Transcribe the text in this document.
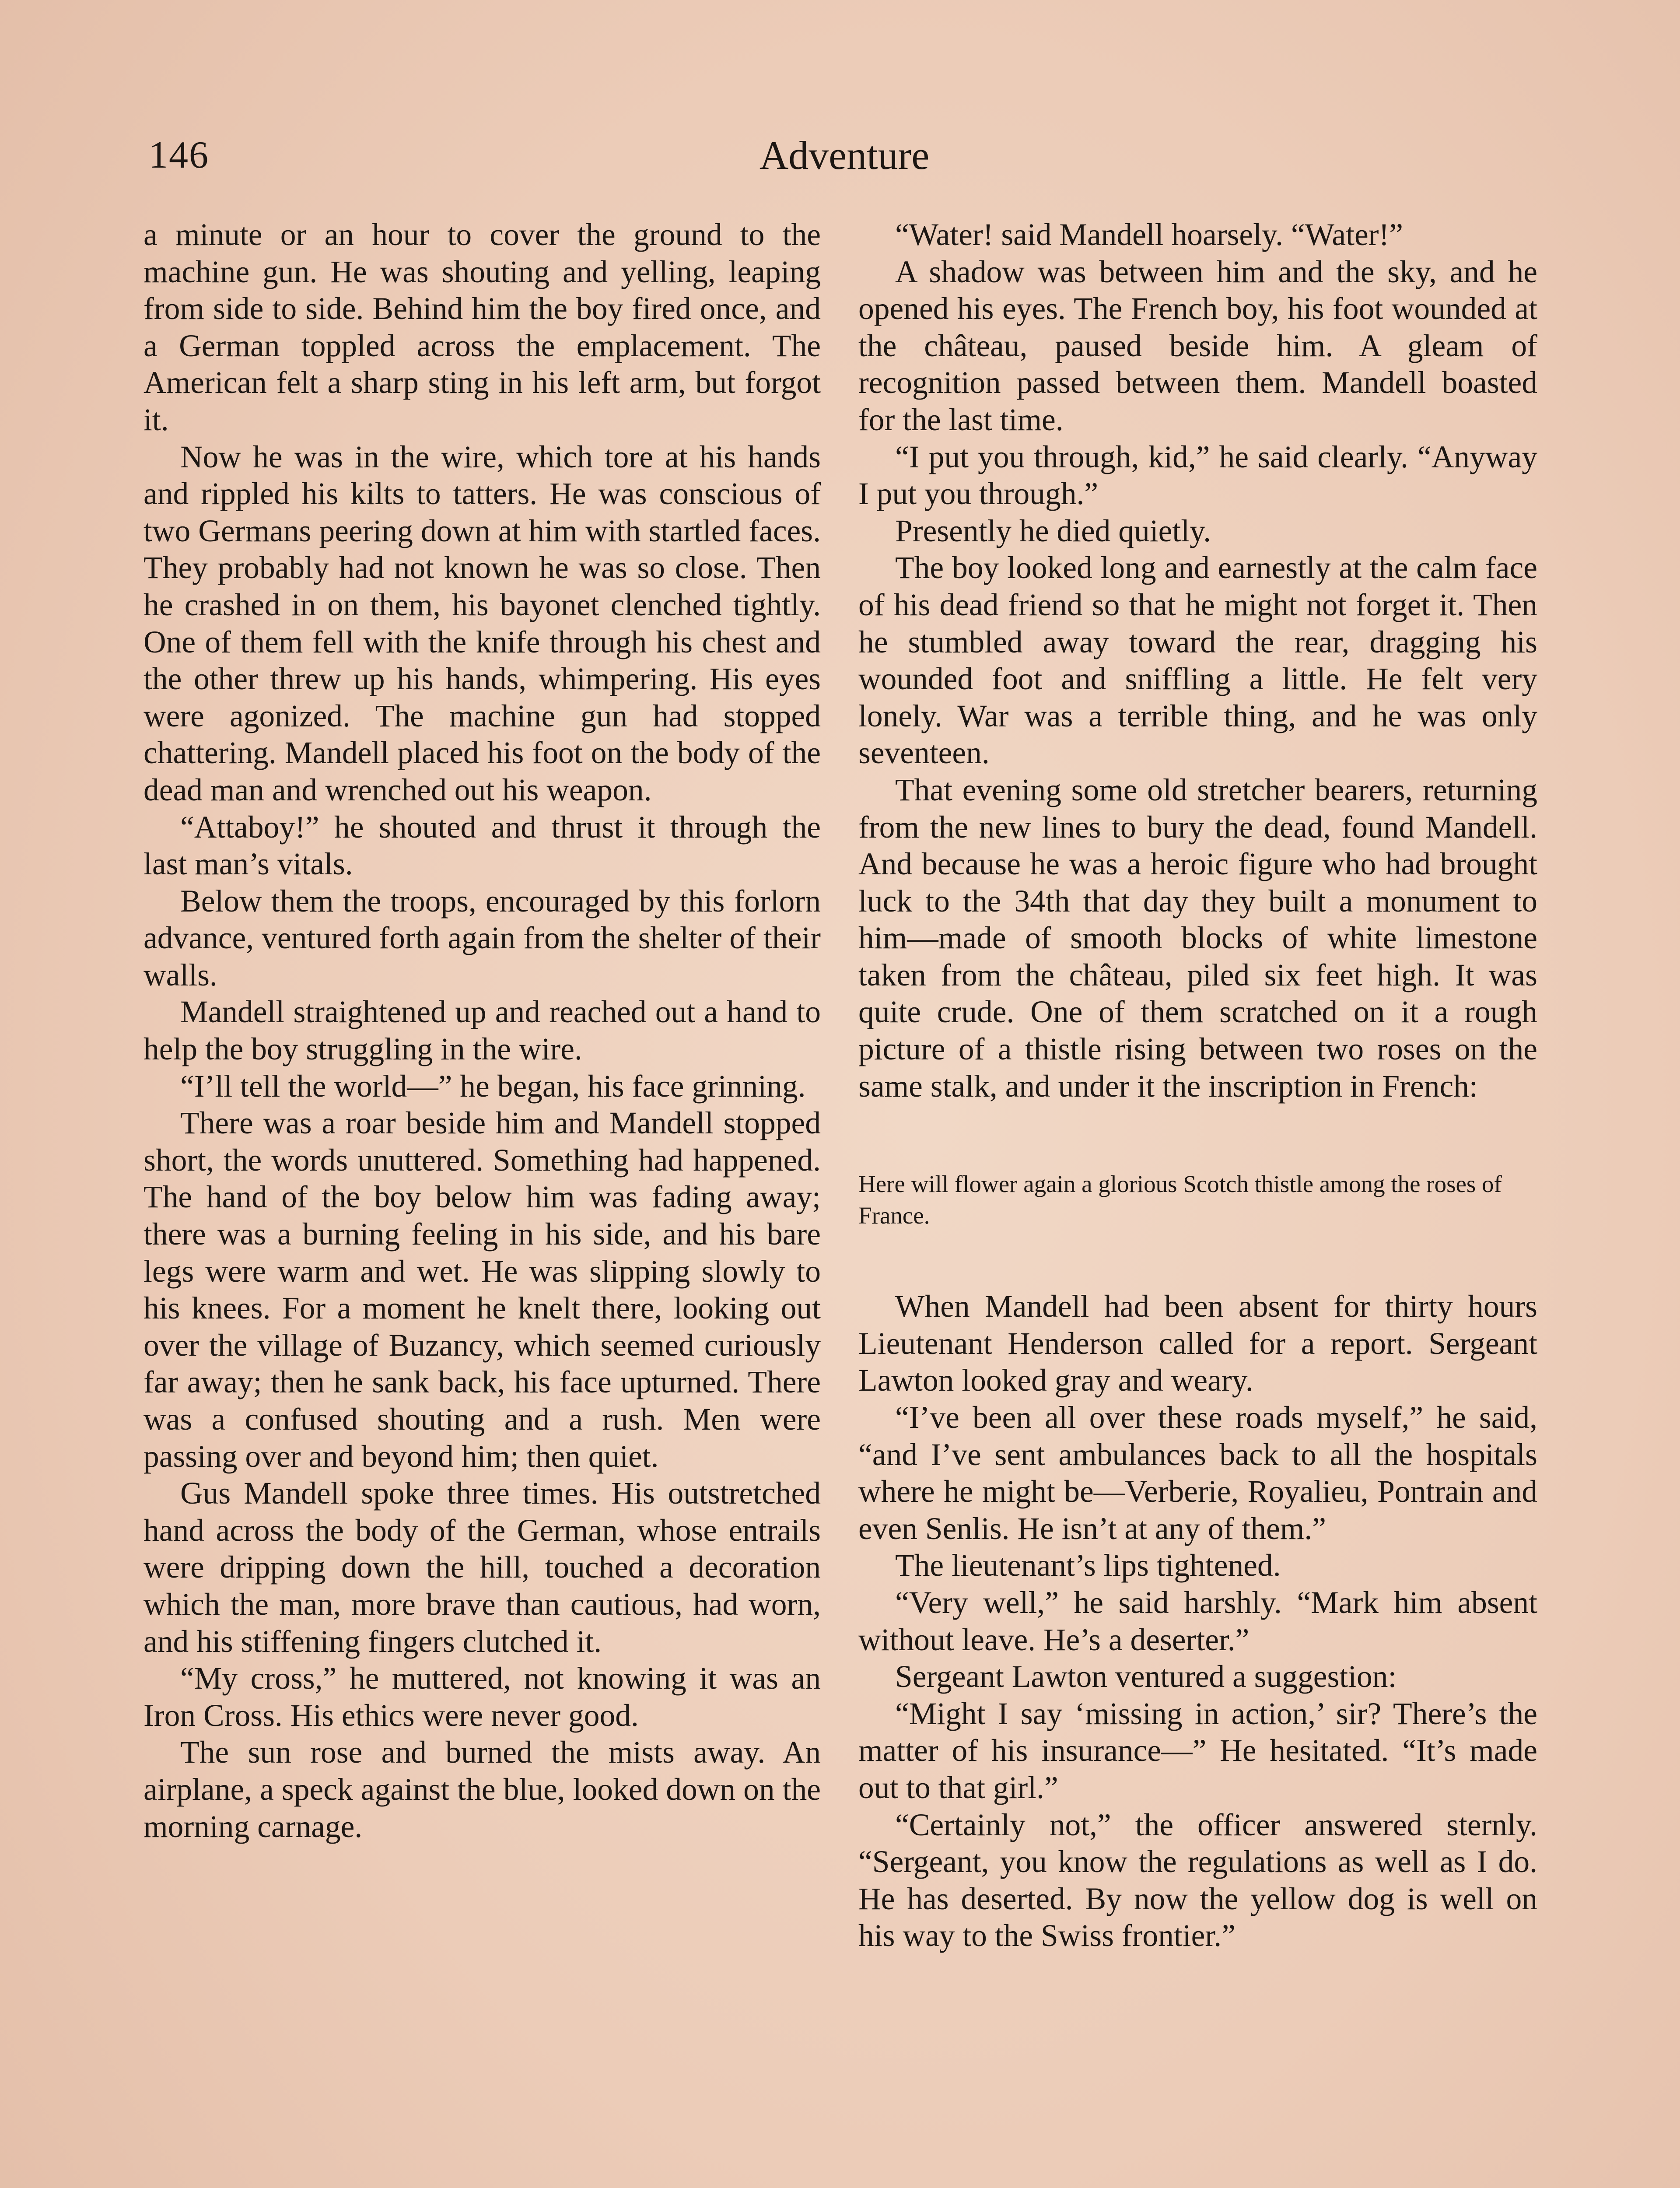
146	Adventure

a minute or an hour to cover the ground to the machine gun. He was shouting and yelling, leaping from side to side. Behind him the boy fired once, and a German toppled across the emplacement. The American felt a sharp sting in his left arm, but forgot it.

Now he was in the wire, which tore at his hands and rippled his kilts to tatters. He was conscious of two Germans peering down at him with startled faces. They probably had not known he was so close. Then he crashed in on them, his bayonet clenched tightly. One of them fell with the knife through his chest and the other threw up his hands, whimpering. His eyes were agonized. The machine gun had stopped chattering. Mandell placed his foot on the body of the dead man and wrenched out his weapon.

“Attaboy!” he shouted and thrust it through the last man’s vitals.

Below them the troops, encouraged by this forlorn advance, ventured forth again from the shelter of their walls.

Mandell straightened up and reached out a hand to help the boy struggling in the wire.

“I’ll tell the world—” he began, his face grinning.

There was a roar beside him and Mandell stopped short, the words unuttered. Something had happened. The hand of the boy below him was fading away; there was a burning feeling in his side, and his bare legs were warm and wet. He was slipping slowly to his knees. For a moment he knelt there, looking out over the village of Buzancy, which seemed curiously far away; then he sank back, his face upturned. There was a confused shouting and a rush. Men were passing over and beyond him; then quiet.

Gus Mandell spoke three times. His outstretched hand across the body of the German, whose entrails were dripping down the hill, touched a decoration which the man, more brave than cautious, had worn, and his stiffening fingers clutched it.

“My cross,” he muttered, not knowing it was an Iron Cross. His ethics were never good.

The sun rose and burned the mists away. An airplane, a speck against the blue, looked down on the morning carnage.

“Water! said Mandell hoarsely. “Water!”

A shadow was between him and the sky, and he opened his eyes. The French boy, his foot wounded at the château, paused beside him. A gleam of recognition passed between them. Mandell boasted for the last time.

“I put you through, kid,” he said clearly. “Anyway I put you through.”

Presently he died quietly.

The boy looked long and earnestly at the calm face of his dead friend so that he might not forget it. Then he stumbled away toward the rear, dragging his wounded foot and sniffling a little. He felt very lonely. War was a terrible thing, and he was only seventeen.

That evening some old stretcher bearers, returning from the new lines to bury the dead, found Mandell. And because he was a heroic figure who had brought luck to the 34th that day they built a monument to him—made of smooth blocks of white limestone taken from the château, piled six feet high. It was quite crude. One of them scratched on it a rough picture of a thistle rising between two roses on the same stalk, and under it the inscription in French:

Here will flower again a glorious Scotch thistle among the roses of France.

When Mandell had been absent for thirty hours Lieutenant Henderson called for a report. Sergeant Lawton looked gray and weary.

“I’ve been all over these roads myself,” he said, “and I’ve sent ambulances back to all the hospitals where he might be—Verberie, Royalieu, Pontrain and even Senlis. He isn’t at any of them.”

The lieutenant’s lips tightened.

“Very well,” he said harshly. “Mark him absent without leave. He’s a deserter.”

Sergeant Lawton ventured a suggestion:

“Might I say ‘missing in action,’ sir? There’s the matter of his insurance—” He hesitated. “It’s made out to that girl.”

“Certainly not,” the officer answered sternly. “Sergeant, you know the regulations as well as I do. He has deserted. By now the yellow dog is well on his way to the Swiss frontier.”
